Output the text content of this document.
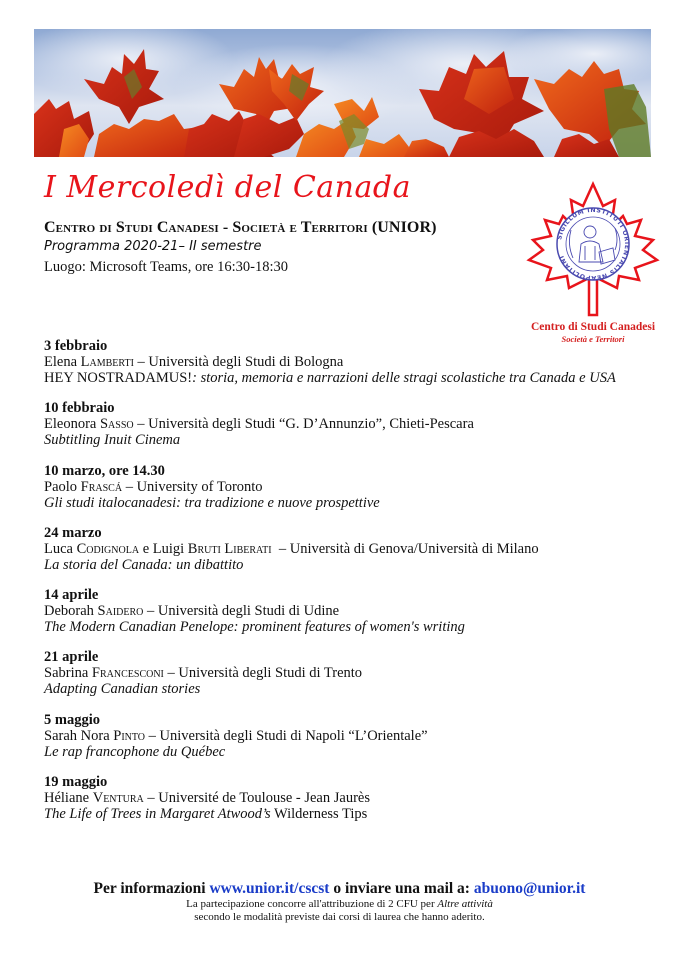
I Mercoledì del Canada
Centro di Studi Canadesi - Società e Territori (UNIOR)
Programma 2020-21– II semestre
Luogo: Microsoft Teams, ore 16:30-18:30
SIGILLUM INSTITUTI ORIENTALIS NEAPOLITANI
Centro di Studi Canadesi
Società e Territori
3 febbraio
Elena Lamberti – Università degli Studi di Bologna
HEY NOSTRADAMUS!: storia, memoria e narrazioni delle stragi scolastiche tra Canada e USA
10 febbraio
Eleonora Sasso – Università degli Studi “G. D’Annunzio”, Chieti-Pescara
Subtitling Inuit Cinema
10 marzo, ore 14.30
Paolo Frascá – University of Toronto
Gli studi italocanadesi: tra tradizione e nuove prospettive
24 marzo
Luca Codignola e Luigi Bruti Liberati  – Università di Genova/Università di Milano
La storia del Canada: un dibattito
14 aprile
Deborah Saidero – Università degli Studi di Udine
The Modern Canadian Penelope: prominent features of women's writing
21 aprile
Sabrina Francesconi – Università degli Studi di Trento
Adapting Canadian stories
5 maggio
Sarah Nora Pinto – Università degli Studi di Napoli “L’Orientale”
Le rap francophone du Québec
19 maggio
Héliane Ventura – Université de Toulouse - Jean Jaurès
The Life of Trees in Margaret Atwood’s Wilderness Tips
Per informazioni www.unior.it/cscst o inviare una mail a: abuono@unior.it
La partecipazione concorre all'attribuzione di 2 CFU per Altre attività
secondo le modalità previste dai corsi di laurea che hanno aderito.
